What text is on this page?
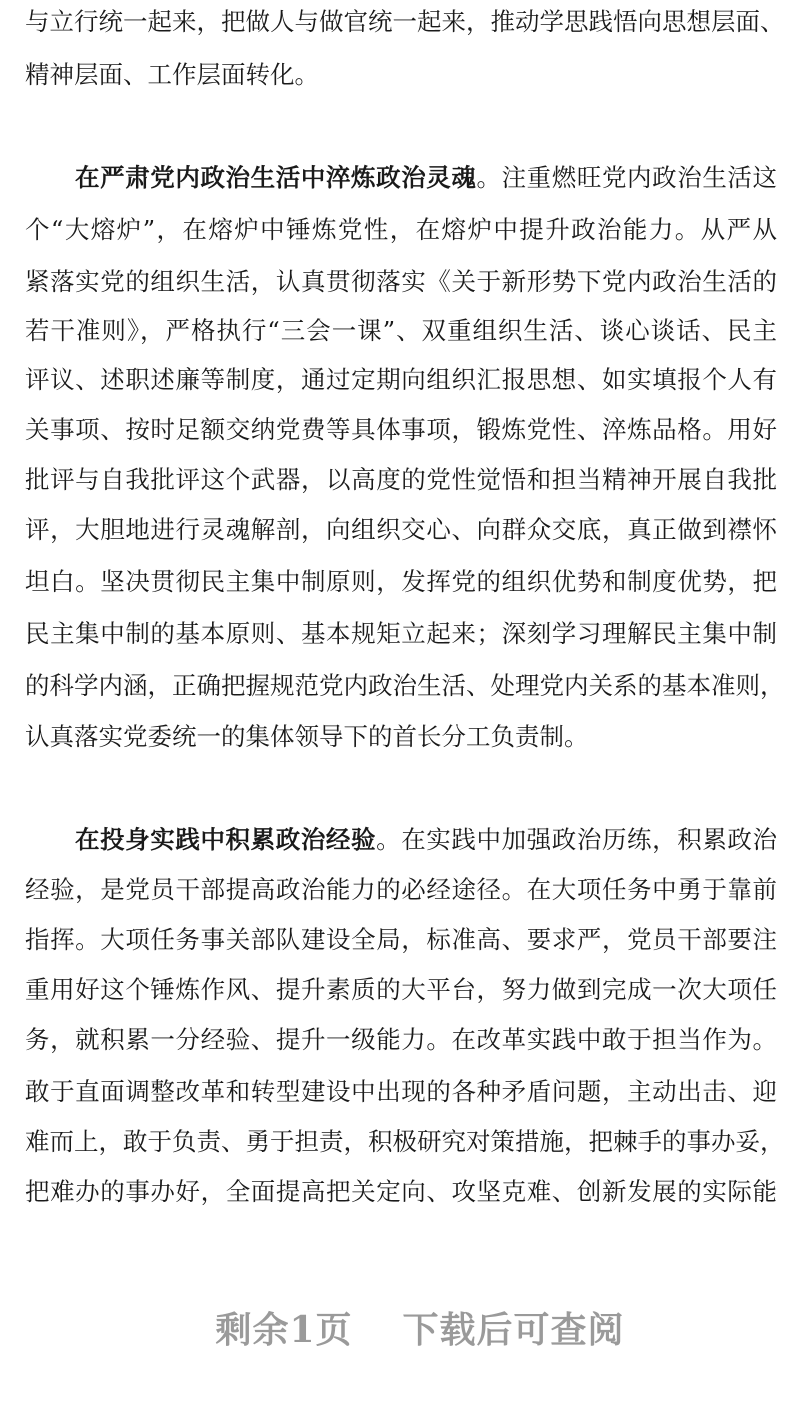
与立行统一起来，把做人与做官统一起来，推动学思践悟向思想层面、
精神层面、工作层面转化。
在严肃党内政治生活中淬炼政治灵魂。注重燃旺党内政治生活这
个“大熔炉”，在熔炉中锤炼党性，在熔炉中提升政治能力。从严从
紧落实党的组织生活，认真贯彻落实《关于新形势下党内政治生活的
若干准则》，严格执行“三会一课”、双重组织生活、谈心谈话、民主
评议、述职述廉等制度，通过定期向组织汇报思想、如实填报个人有
关事项、按时足额交纳党费等具体事项，锻炼党性、淬炼品格。用好
批评与自我批评这个武器，以高度的党性觉悟和担当精神开展自我批
评，大胆地进行灵魂解剖，向组织交心、向群众交底，真正做到襟怀
坦白。坚决贯彻民主集中制原则，发挥党的组织优势和制度优势，把
民主集中制的基本原则、基本规矩立起来；深刻学习理解民主集中制
的科学内涵，正确把握规范党内政治生活、处理党内关系的基本准则，
认真落实党委统一的集体领导下的首长分工负责制。
在投身实践中积累政治经验。在实践中加强政治历练，积累政治
经验，是党员干部提高政治能力的必经途径。在大项任务中勇于靠前
指挥。大项任务事关部队建设全局，标准高、要求严，党员干部要注
重用好这个锤炼作风、提升素质的大平台，努力做到完成一次大项任
务，就积累一分经验、提升一级能力。在改革实践中敢于担当作为。
敢于直面调整改革和转型建设中出现的各种矛盾问题，主动出击、迎
难而上，敢于负责、勇于担责，积极研究对策措施，把棘手的事办妥，
把难办的事办好，全面提高把关定向、攻坚克难、创新发展的实际能
剩余1页 下载后可查阅
